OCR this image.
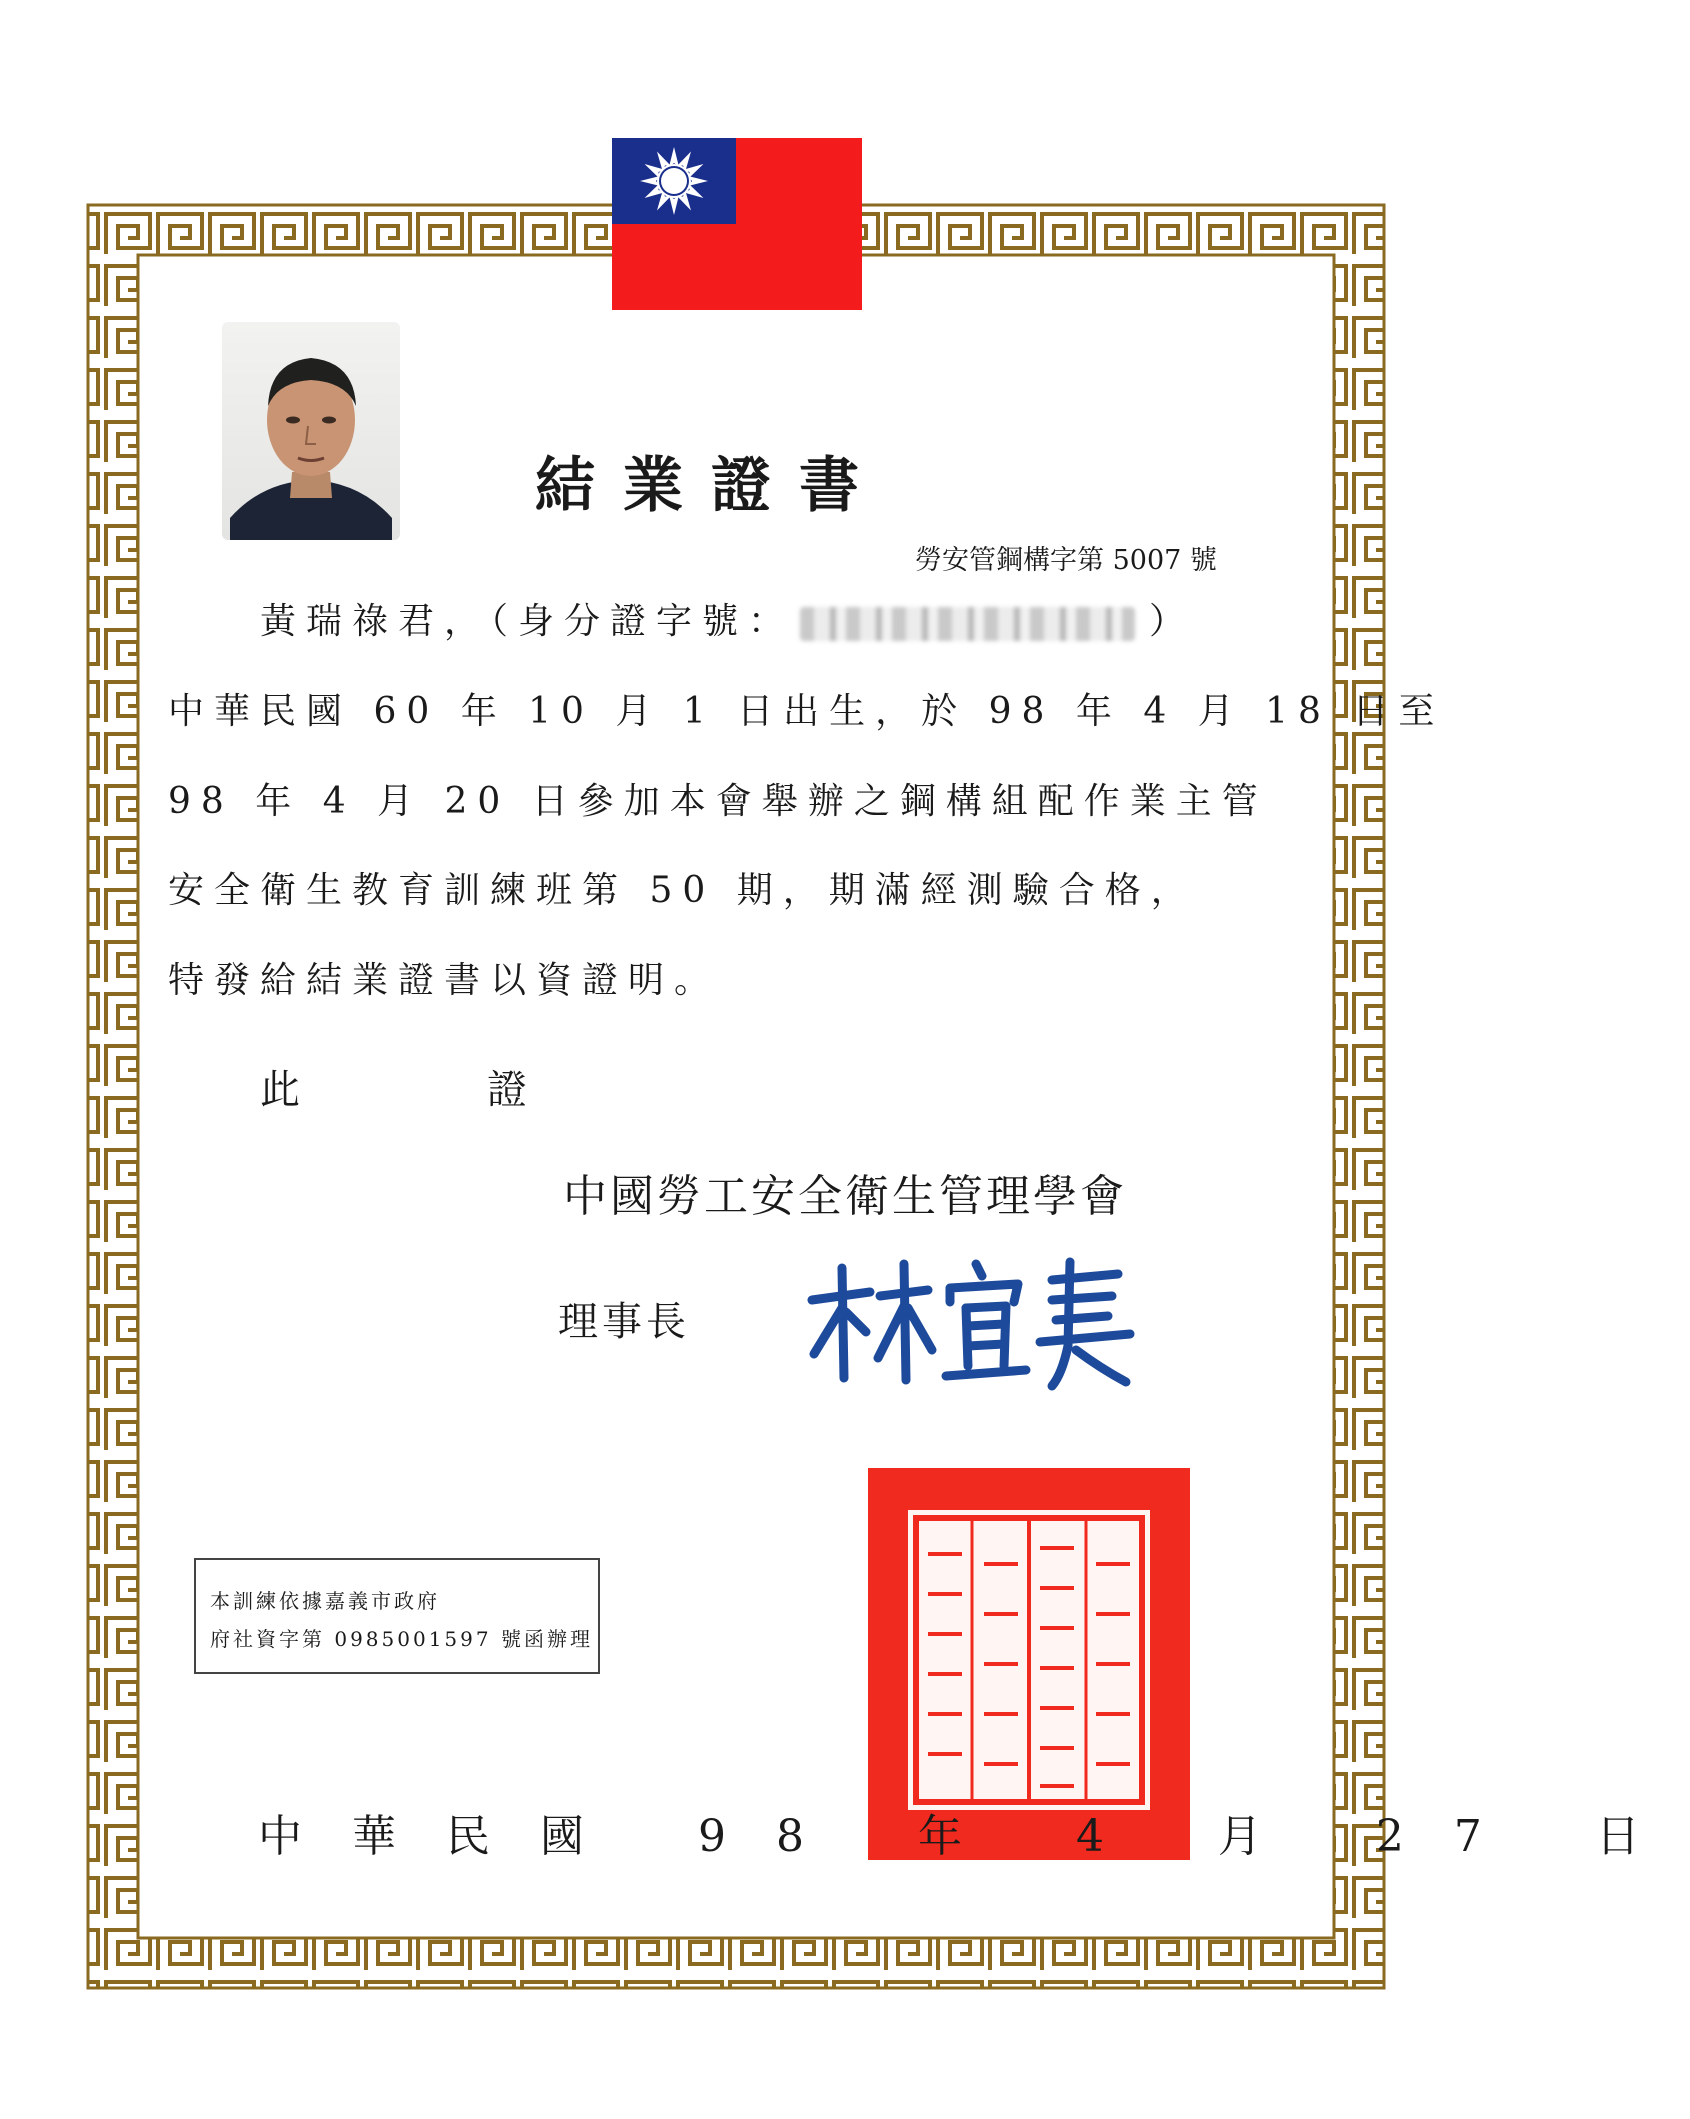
結業證書
勞安管鋼構字第 5007 號
黃瑞祿君，（身分證字號：	）
中華民國 60 年 10 月 1 日出生，於 98 年 4 月 18 日至
98 年 4 月 20 日參加本會舉辦之鋼構組配作業主管
安全衛生教育訓練班第 50 期，期滿經測驗合格，
特發給結業證書以資證明。
此	證
中國勞工安全衛生管理學會
理事長
本訓練依據嘉義市政府
府社資字第 0985001597 號函辦理
中華民國 98 年 4 月 27 日
